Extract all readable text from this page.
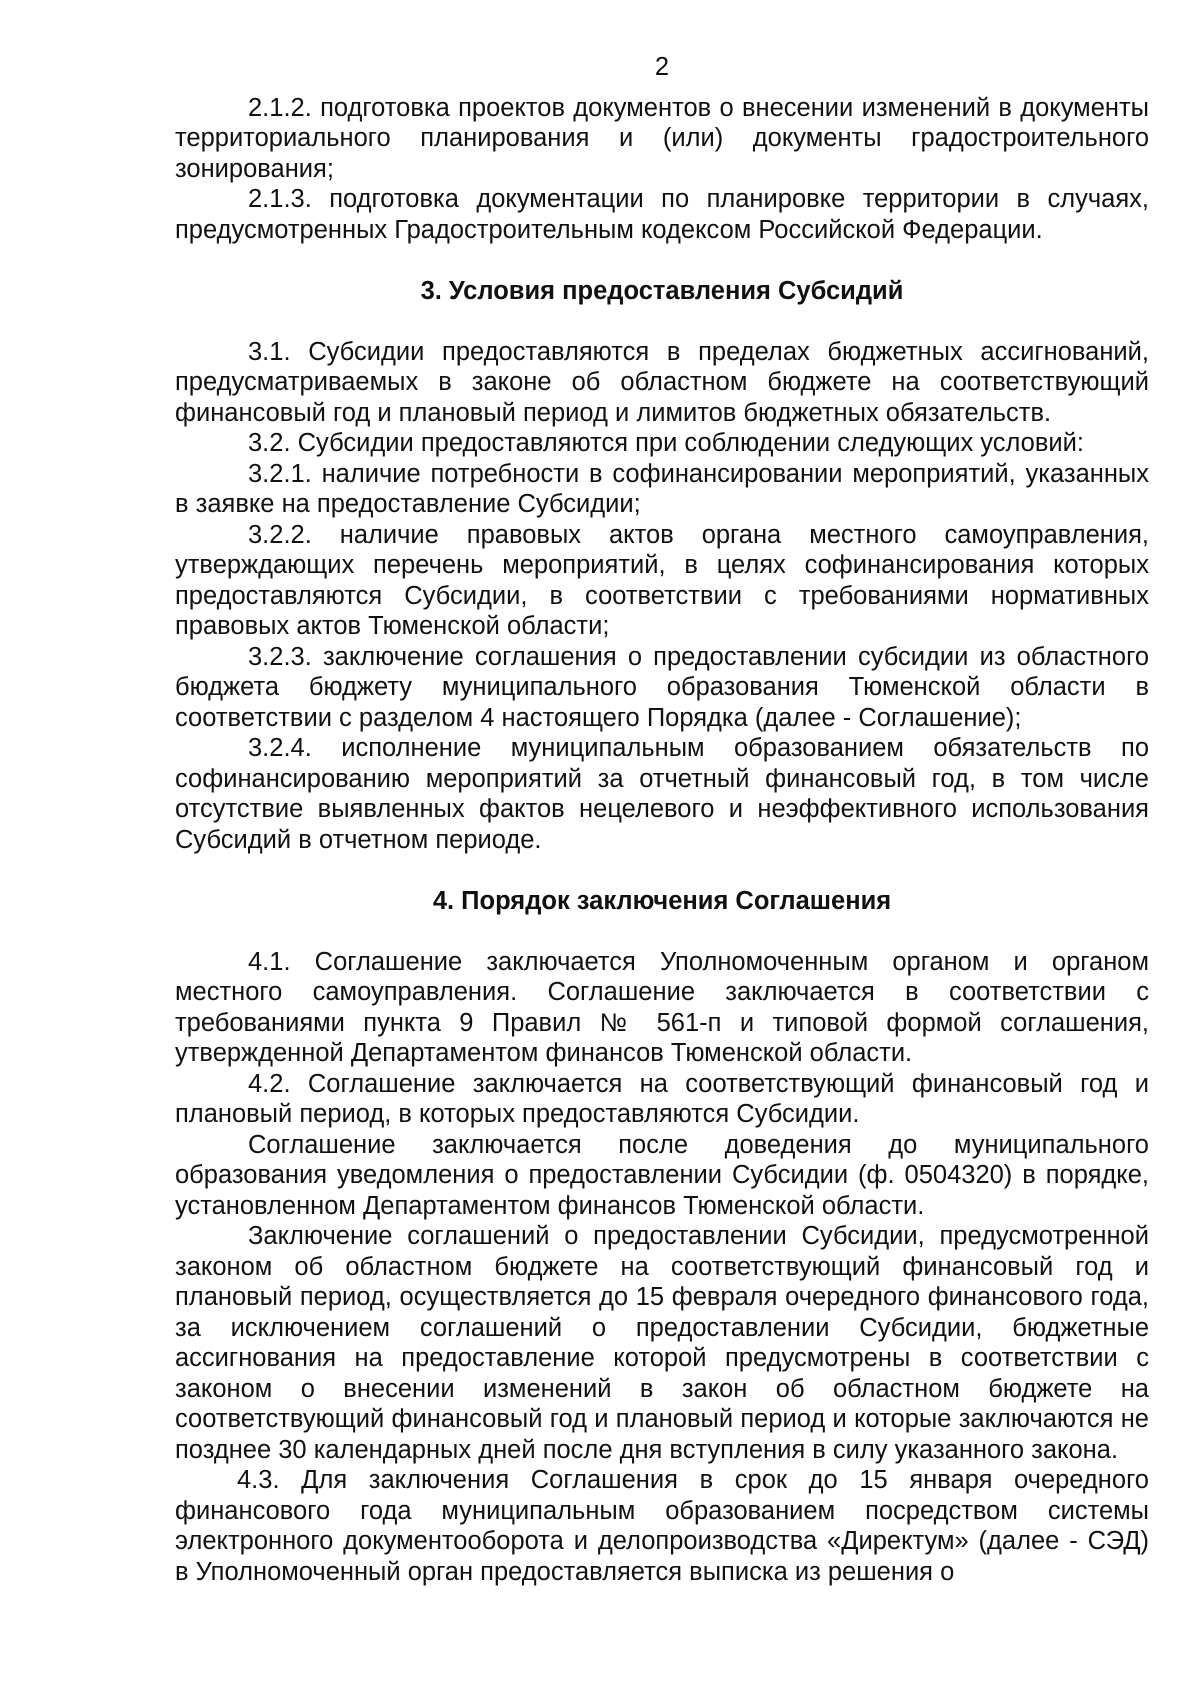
2

2.1.2. подготовка проектов документов о внесении изменений в документы территориального планирования и (или) документы градостроительного зонирования;

2.1.3. подготовка документации по планировке территории в случаях, предусмотренных Градостроительным кодексом Российской Федерации.

3. Условия предоставления Субсидий

3.1. Субсидии предоставляются в пределах бюджетных ассигнований, предусматриваемых в законе об областном бюджете на соответствующий финансовый год и плановый период и лимитов бюджетных обязательств.

3.2. Субсидии предоставляются при соблюдении следующих условий:

3.2.1. наличие потребности в софинансировании мероприятий, указанных в заявке на предоставление Субсидии;

3.2.2. наличие правовых актов органа местного самоуправления, утверждающих перечень мероприятий, в целях софинансирования которых предоставляются Субсидии, в соответствии с требованиями нормативных правовых актов Тюменской области;

3.2.3. заключение соглашения о предоставлении субсидии из областного бюджета бюджету муниципального образования Тюменской области в соответствии с разделом 4 настоящего Порядка (далее - Соглашение);

3.2.4. исполнение муниципальным образованием обязательств по софинансированию мероприятий за отчетный финансовый год, в том числе отсутствие выявленных фактов нецелевого и неэффективного использования Субсидий в отчетном периоде.

4. Порядок заключения Соглашения

4.1. Соглашение заключается Уполномоченным органом и органом местного самоуправления. Соглашение заключается в соответствии с требованиями пункта 9 Правил № 561-п и типовой формой соглашения, утвержденной Департаментом финансов Тюменской области.

4.2. Соглашение заключается на соответствующий финансовый год и плановый период, в которых предоставляются Субсидии.

Соглашение заключается после доведения до муниципального образования уведомления о предоставлении Субсидии (ф. 0504320) в порядке, установленном Департаментом финансов Тюменской области.

Заключение соглашений о предоставлении Субсидии, предусмотренной законом об областном бюджете на соответствующий финансовый год и плановый период, осуществляется до 15 февраля очередного финансового года, за исключением соглашений о предоставлении Субсидии, бюджетные ассигнования на предоставление которой предусмотрены в соответствии с законом о внесении изменений в закон об областном бюджете на соответствующий финансовый год и плановый период и которые заключаются не позднее 30 календарных дней после дня вступления в силу указанного закона.

4.3. Для заключения Соглашения в срок до 15 января очередного финансового года муниципальным образованием посредством системы электронного документооборота и делопроизводства «Директум» (далее - СЭД) в Уполномоченный орган предоставляется выписка из решения о
